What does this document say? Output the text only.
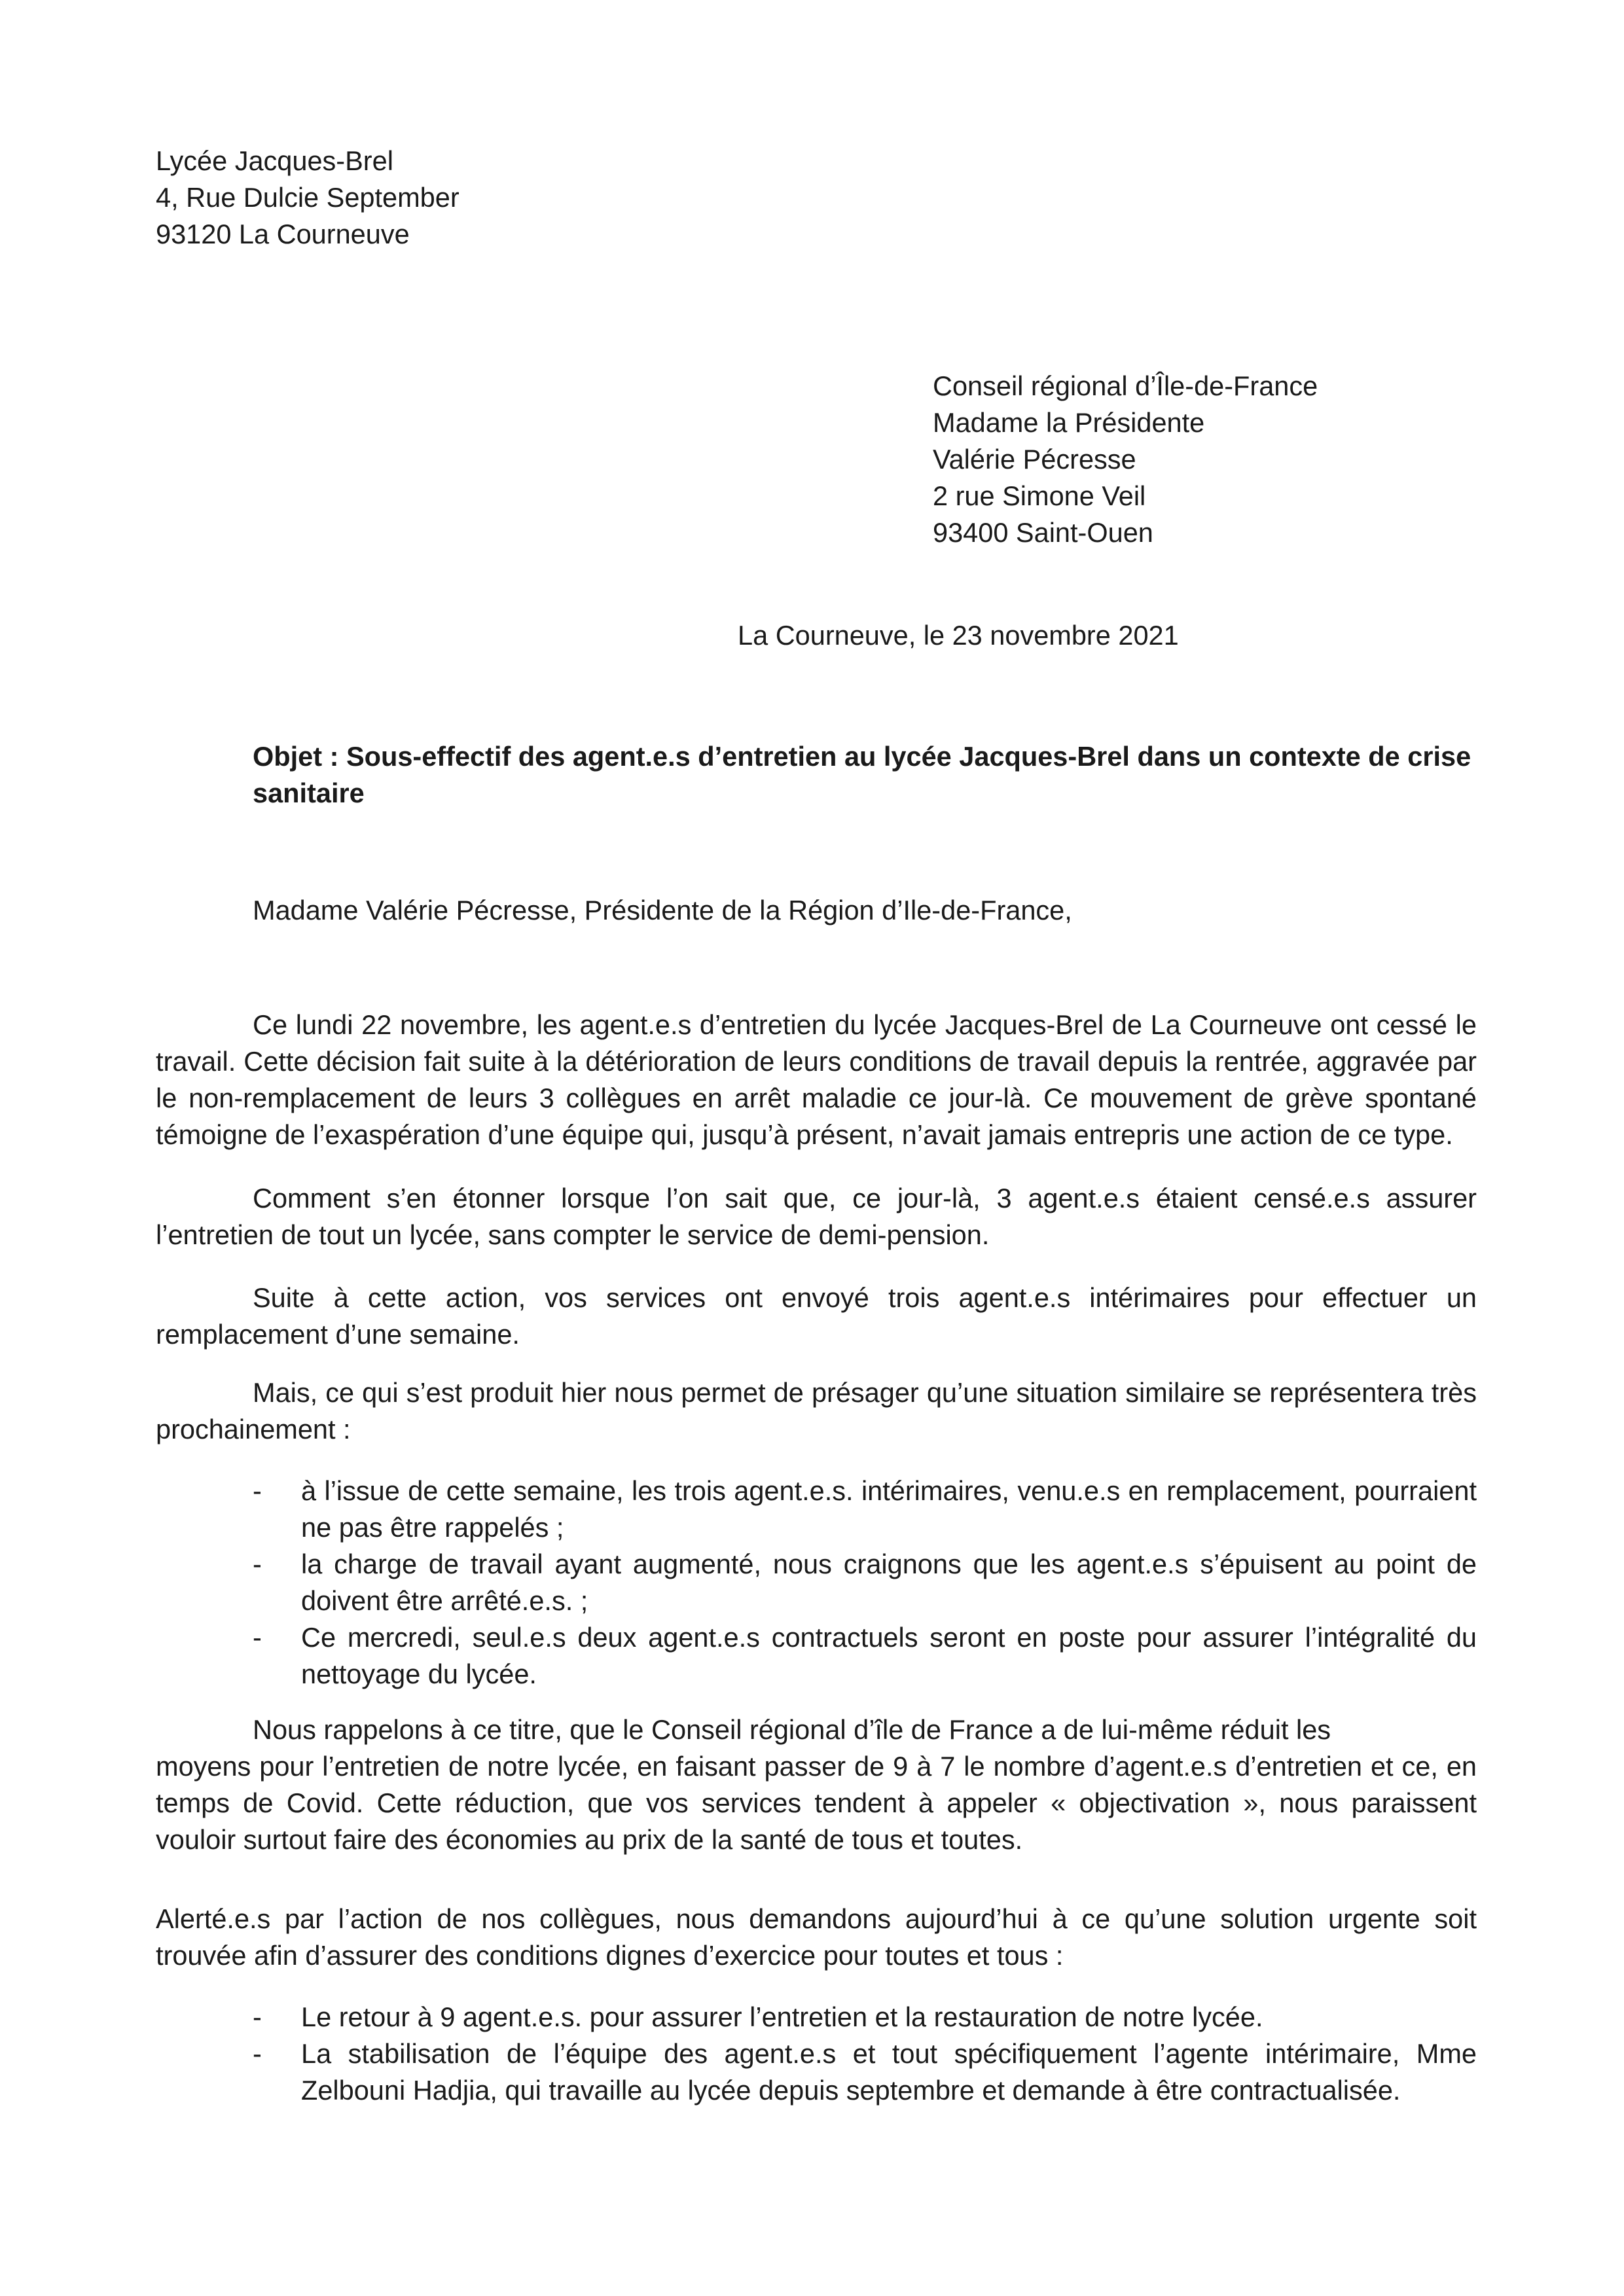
Lycée Jacques-Brel
4, Rue Dulcie September
93120 La Courneuve
Conseil régional d’Île-de-France
Madame la Présidente
Valérie Pécresse
2 rue Simone Veil
93400 Saint-Ouen
La Courneuve, le 23 novembre 2021
Objet : Sous-effectif des agent.e.s d’entretien au lycée Jacques-Brel dans un contexte de crise sanitaire
Madame Valérie Pécresse, Présidente de la Région d’Ile-de-France,
Ce lundi 22 novembre, les agent.e.s d’entretien du lycée Jacques-Brel de La Courneuve ont cessé le travail. Cette décision fait suite à la détérioration de leurs conditions de travail depuis la rentrée, aggravée par le non-remplacement de leurs 3 collègues en arrêt maladie ce jour-là. Ce mouvement de grève spontané témoigne de l’exaspération d’une équipe qui, jusqu’à présent, n’avait jamais entrepris une action de ce type.
Comment s’en étonner lorsque l’on sait que, ce jour-là, 3 agent.e.s étaient censé.e.s assurer l’entretien de tout un lycée, sans compter le service de demi-pension.
Suite à cette action, vos services ont envoyé trois agent.e.s intérimaires pour effectuer un remplacement d’une semaine.
Mais, ce qui s’est produit hier nous permet de présager qu’une situation similaire se représentera très prochainement :
- à l’issue de cette semaine, les trois agent.e.s. intérimaires, venu.e.s en remplacement, pourraient ne pas être rappelés ;
- la charge de travail ayant augmenté, nous craignons que les agent.e.s s’épuisent au point de doivent être arrêté.e.s. ;
- Ce mercredi, seul.e.s deux agent.e.s contractuels seront en poste pour assurer l’intégralité du nettoyage du lycée.
Nous rappelons à ce titre, que le Conseil régional d’île de France a de lui-même réduit les
moyens pour l’entretien de notre lycée, en faisant passer de 9 à 7 le nombre d’agent.e.s d’entretien et ce, en temps de Covid. Cette réduction, que vos services tendent à appeler « objectivation », nous paraissent vouloir surtout faire des économies au prix de la santé de tous et toutes.
Alerté.e.s par l’action de nos collègues, nous demandons aujourd’hui à ce qu’une solution urgente soit trouvée afin d’assurer des conditions dignes d’exercice pour toutes et tous :
- Le retour à 9 agent.e.s. pour assurer l’entretien et la restauration de notre lycée.
- La stabilisation de l’équipe des agent.e.s et tout spécifiquement l’agente intérimaire, Mme Zelbouni Hadjia, qui travaille au lycée depuis septembre et demande à être contractualisée.
